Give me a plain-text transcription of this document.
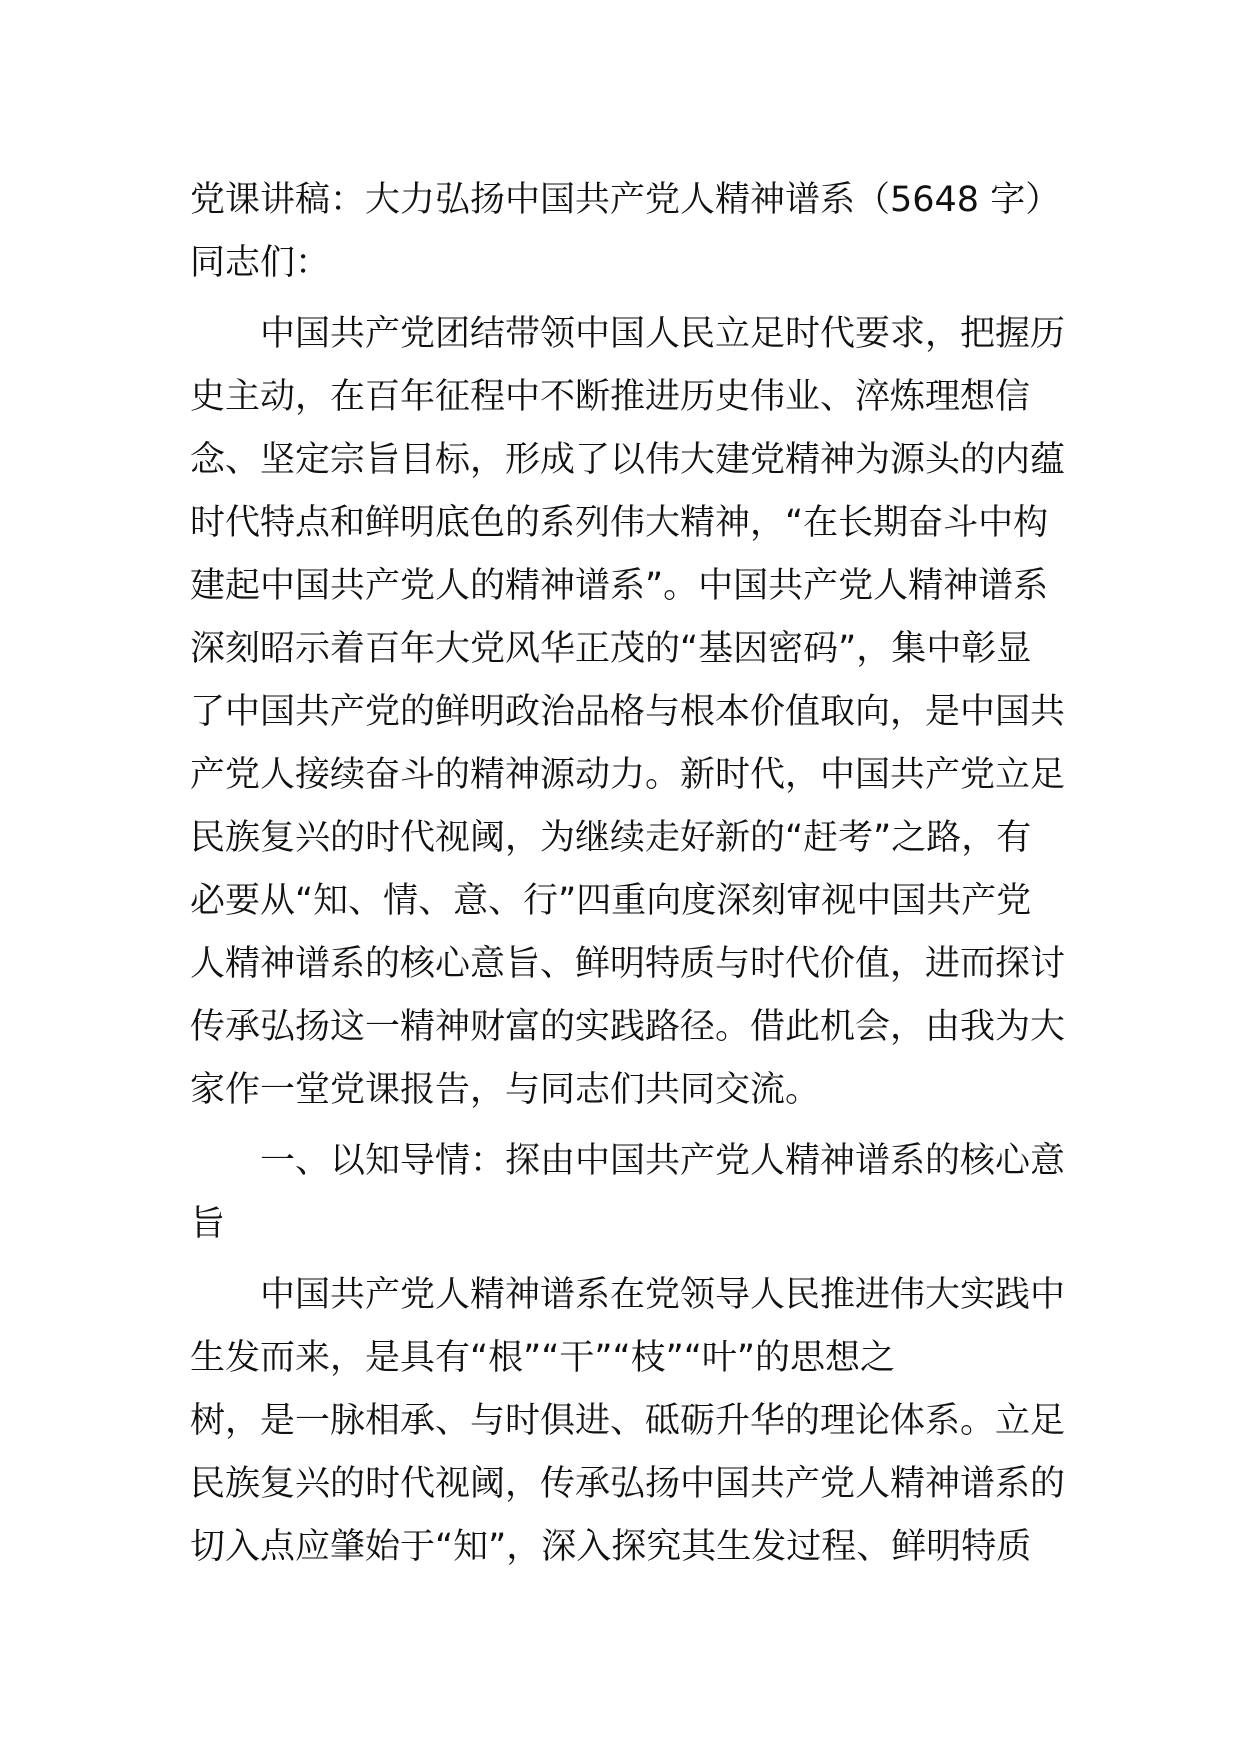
党课讲稿：大力弘扬中国共产党人精神谱系（5648 字）
同志们：
中国共产党团结带领中国人民立足时代要求，把握历
史主动，在百年征程中不断推进历史伟业、淬炼理想信
念、坚定宗旨目标，形成了以伟大建党精神为源头的内蕴
时代特点和鲜明底色的系列伟大精神，“在长期奋斗中构
建起中国共产党人的精神谱系”。中国共产党人精神谱系
深刻昭示着百年大党风华正茂的“基因密码”，集中彰显
了中国共产党的鲜明政治品格与根本价值取向，是中国共
产党人接续奋斗的精神源动力。新时代，中国共产党立足
民族复兴的时代视阈，为继续走好新的“赶考”之路，有
必要从“知、情、意、行”四重向度深刻审视中国共产党
人精神谱系的核心意旨、鲜明特质与时代价值，进而探讨
传承弘扬这一精神财富的实践路径。借此机会，由我为大
家作一堂党课报告，与同志们共同交流。
一、以知导情：探由中国共产党人精神谱系的核心意
旨
中国共产党人精神谱系在党领导人民推进伟大实践中
生发而来，是具有“根”“干”“枝”“叶”的思想之
树，是一脉相承、与时俱进、砥砺升华的理论体系。立足
民族复兴的时代视阈，传承弘扬中国共产党人精神谱系的
切入点应肇始于“知”，深入探究其生发过程、鲜明特质
